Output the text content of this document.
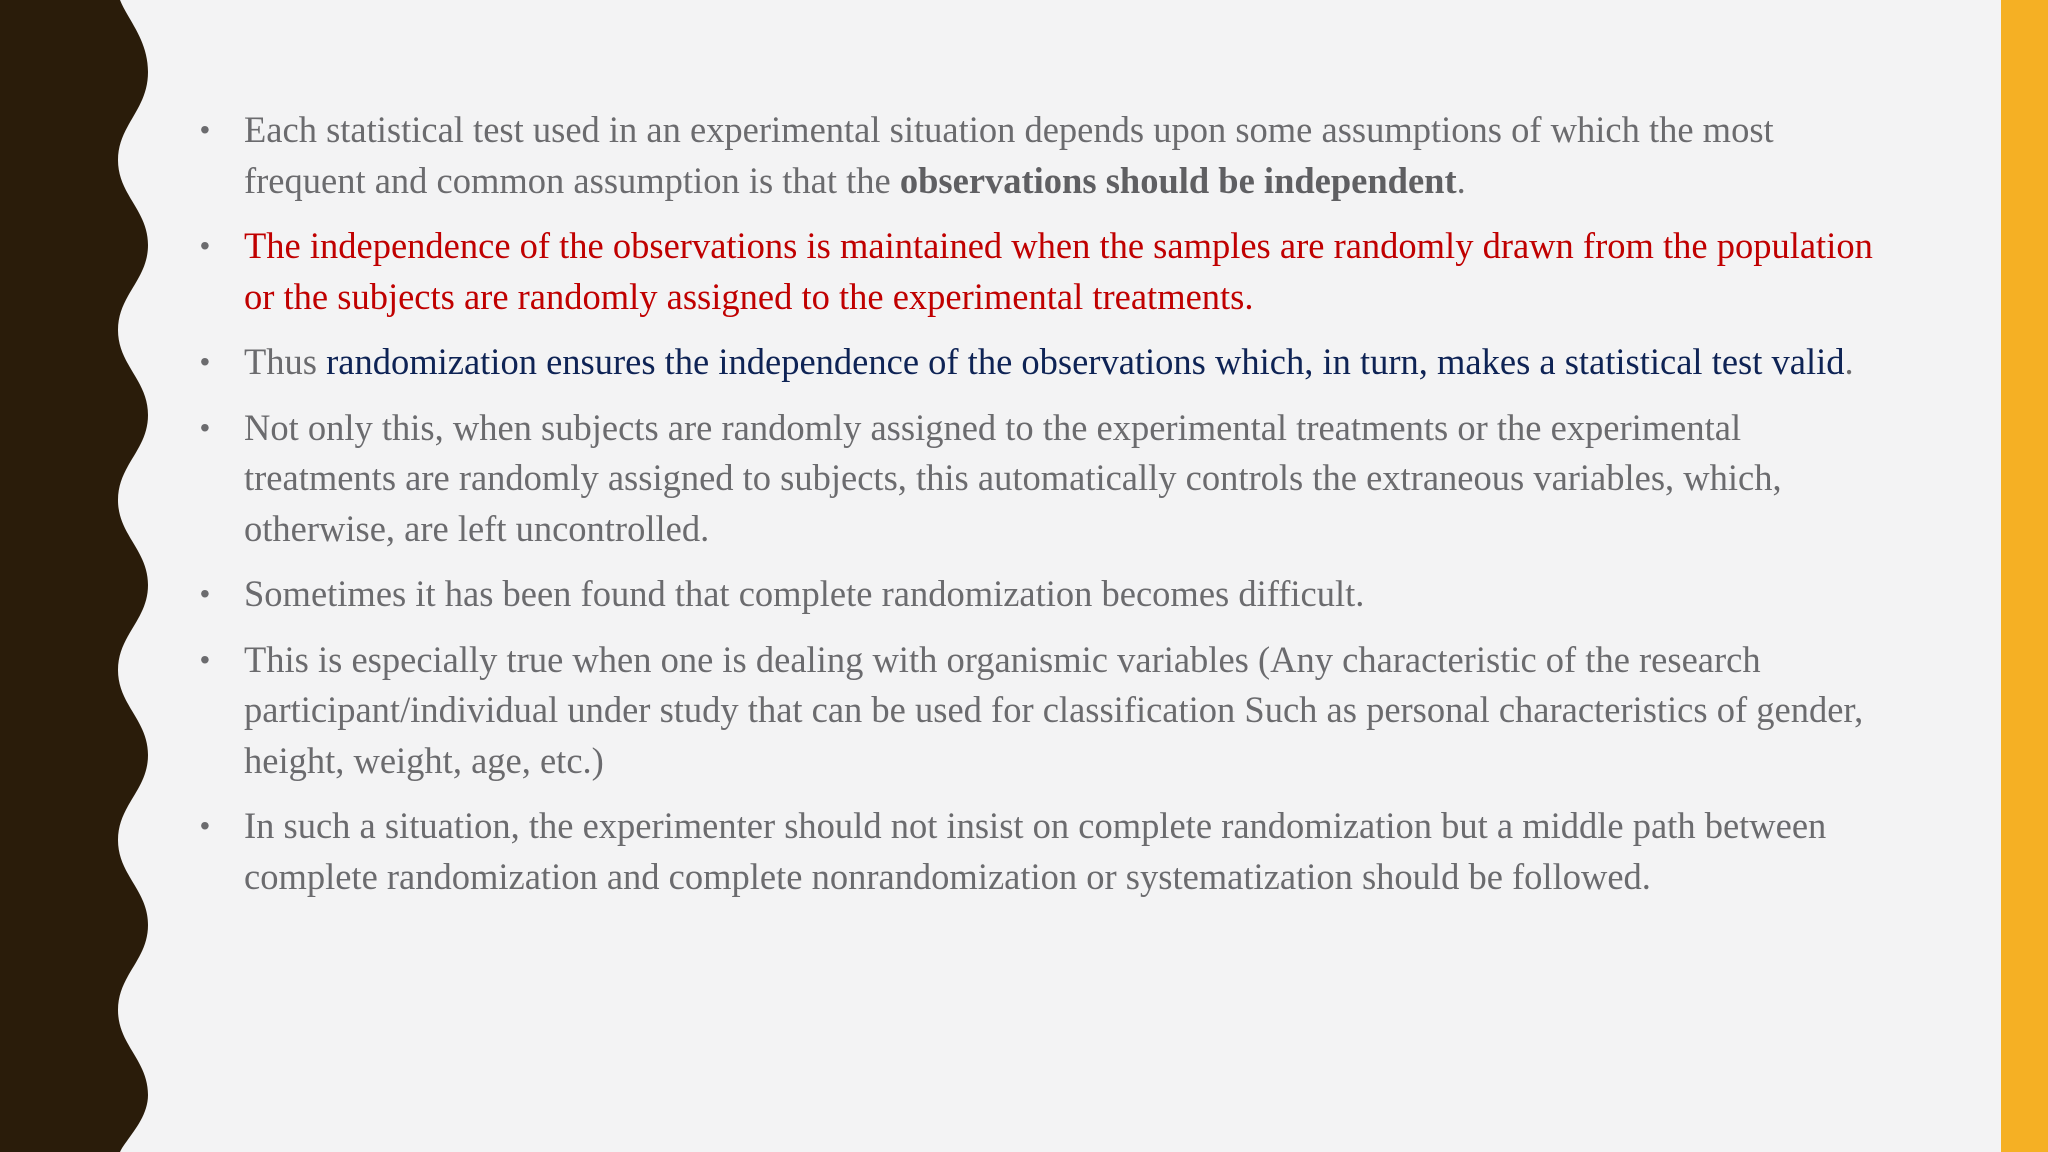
• Each statistical test used in an experimental situation depends upon some assumptions of which the most frequent and common assumption is that the observations should be independent.
• The independence of the observations is maintained when the samples are randomly drawn from the population or the subjects are randomly assigned to the experimental treatments.
• Thus randomization ensures the independence of the observations which, in turn, makes a statistical test valid.
• Not only this, when subjects are randomly assigned to the experimental treatments or the experimental treatments are randomly assigned to subjects, this automatically controls the extraneous variables, which, otherwise, are left uncontrolled.
• Sometimes it has been found that complete randomization becomes difficult.
• This is especially true when one is dealing with organismic variables (Any characteristic of the research participant/individual under study that can be used for classification Such as personal characteristics of gender, height, weight, age, etc.)
• In such a situation, the experimenter should not insist on complete randomization but a middle path between complete randomization and complete nonrandomization or systematization should be followed.
